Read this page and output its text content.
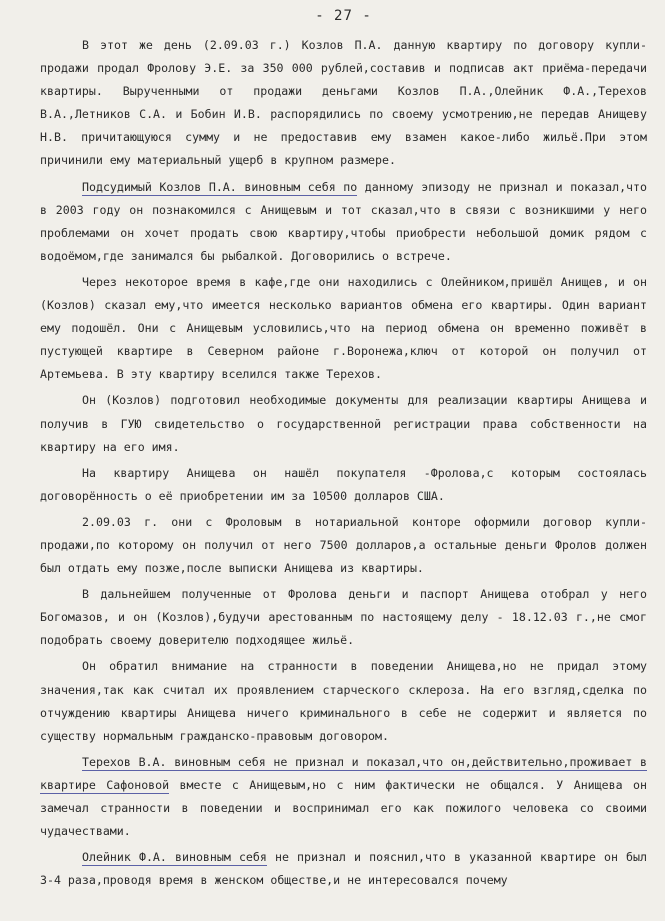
- 27 -

В этот же день (2.09.03 г.) Козлов П.А. данную квартиру по договору купли-продажи продал Фролову Э.Е. за 350 000 рублей,составив и подписав акт приёма-передачи квартиры. Вырученными от продажи деньгами Козлов П.А.,Олейник Ф.А.,Терехов В.А.,Летников С.А. и Бобин И.В. распорядились по своему усмотрению,не передав Анищеву Н.В. причитающуюся сумму и не предоставив ему взамен какое-либо жильё.При этом причинили ему материальный ущерб в крупном размере.

Подсудимый Козлов П.А. виновным себя по данному эпизоду не признал и показал,что в 2003 году он познакомился с Анищевым и тот сказал,что в связи с возникшими у него проблемами он хочет продать свою квартиру,чтобы приобрести небольшой домик рядом с водоёмом,где занимался бы рыбалкой. Договорились о встрече.

Через некоторое время в кафе,где они находились с Олейником,пришёл Анищев, и он (Козлов) сказал ему,что имеется несколько вариантов обмена его квартиры. Один вариант ему подошёл. Они с Анищевым условились,что на период обмена он временно поживёт в пустующей квартире в Северном районе г.Воронежа,ключ от которой он получил от Артемьева. В эту квартиру вселился также Терехов.

Он (Козлов) подготовил необходимые документы для реализации квартиры Анищева и получив в ГУЮ свидетельство о государственной регистрации права собственности на квартиру на его имя.

На квартиру Анищева он нашёл покупателя -Фролова,с которым состоялась договорённость о её приобретении им за 10500 долларов США.

2.09.03 г. они с Фроловым в нотариальной конторе оформили договор купли-продажи,по которому он получил от него 7500 долларов,а остальные деньги Фролов должен был отдать ему позже,после выписки Анищева из квартиры.

В дальнейшем полученные от Фролова деньги и паспорт Анищева отобрал у него Богомазов, и он (Козлов),будучи арестованным по настоящему делу - 18.12.03 г.,не смог подобрать своему доверителю подходящее жильё.

Он обратил внимание на странности в поведении Анищева,но не придал этому значения,так как считал их проявлением старческого склероза. На его взгляд,сделка по отчуждению квартиры Анищева ничего криминального в себе не содержит и является по существу нормальным гражданско-правовым договором.

Терехов В.А. виновным себя не признал и показал,что он,действительно,проживает в квартире Сафоновой вместе с Анищевым,но с ним фактически не общался. У Анищева он замечал странности в поведении и воспринимал его как пожилого человека со своими чудачествами.

Олейник Ф.А. виновным себя не признал и пояснил,что в указанной квартире он был 3-4 раза,проводя время в женском обществе,и не интересовался почему
